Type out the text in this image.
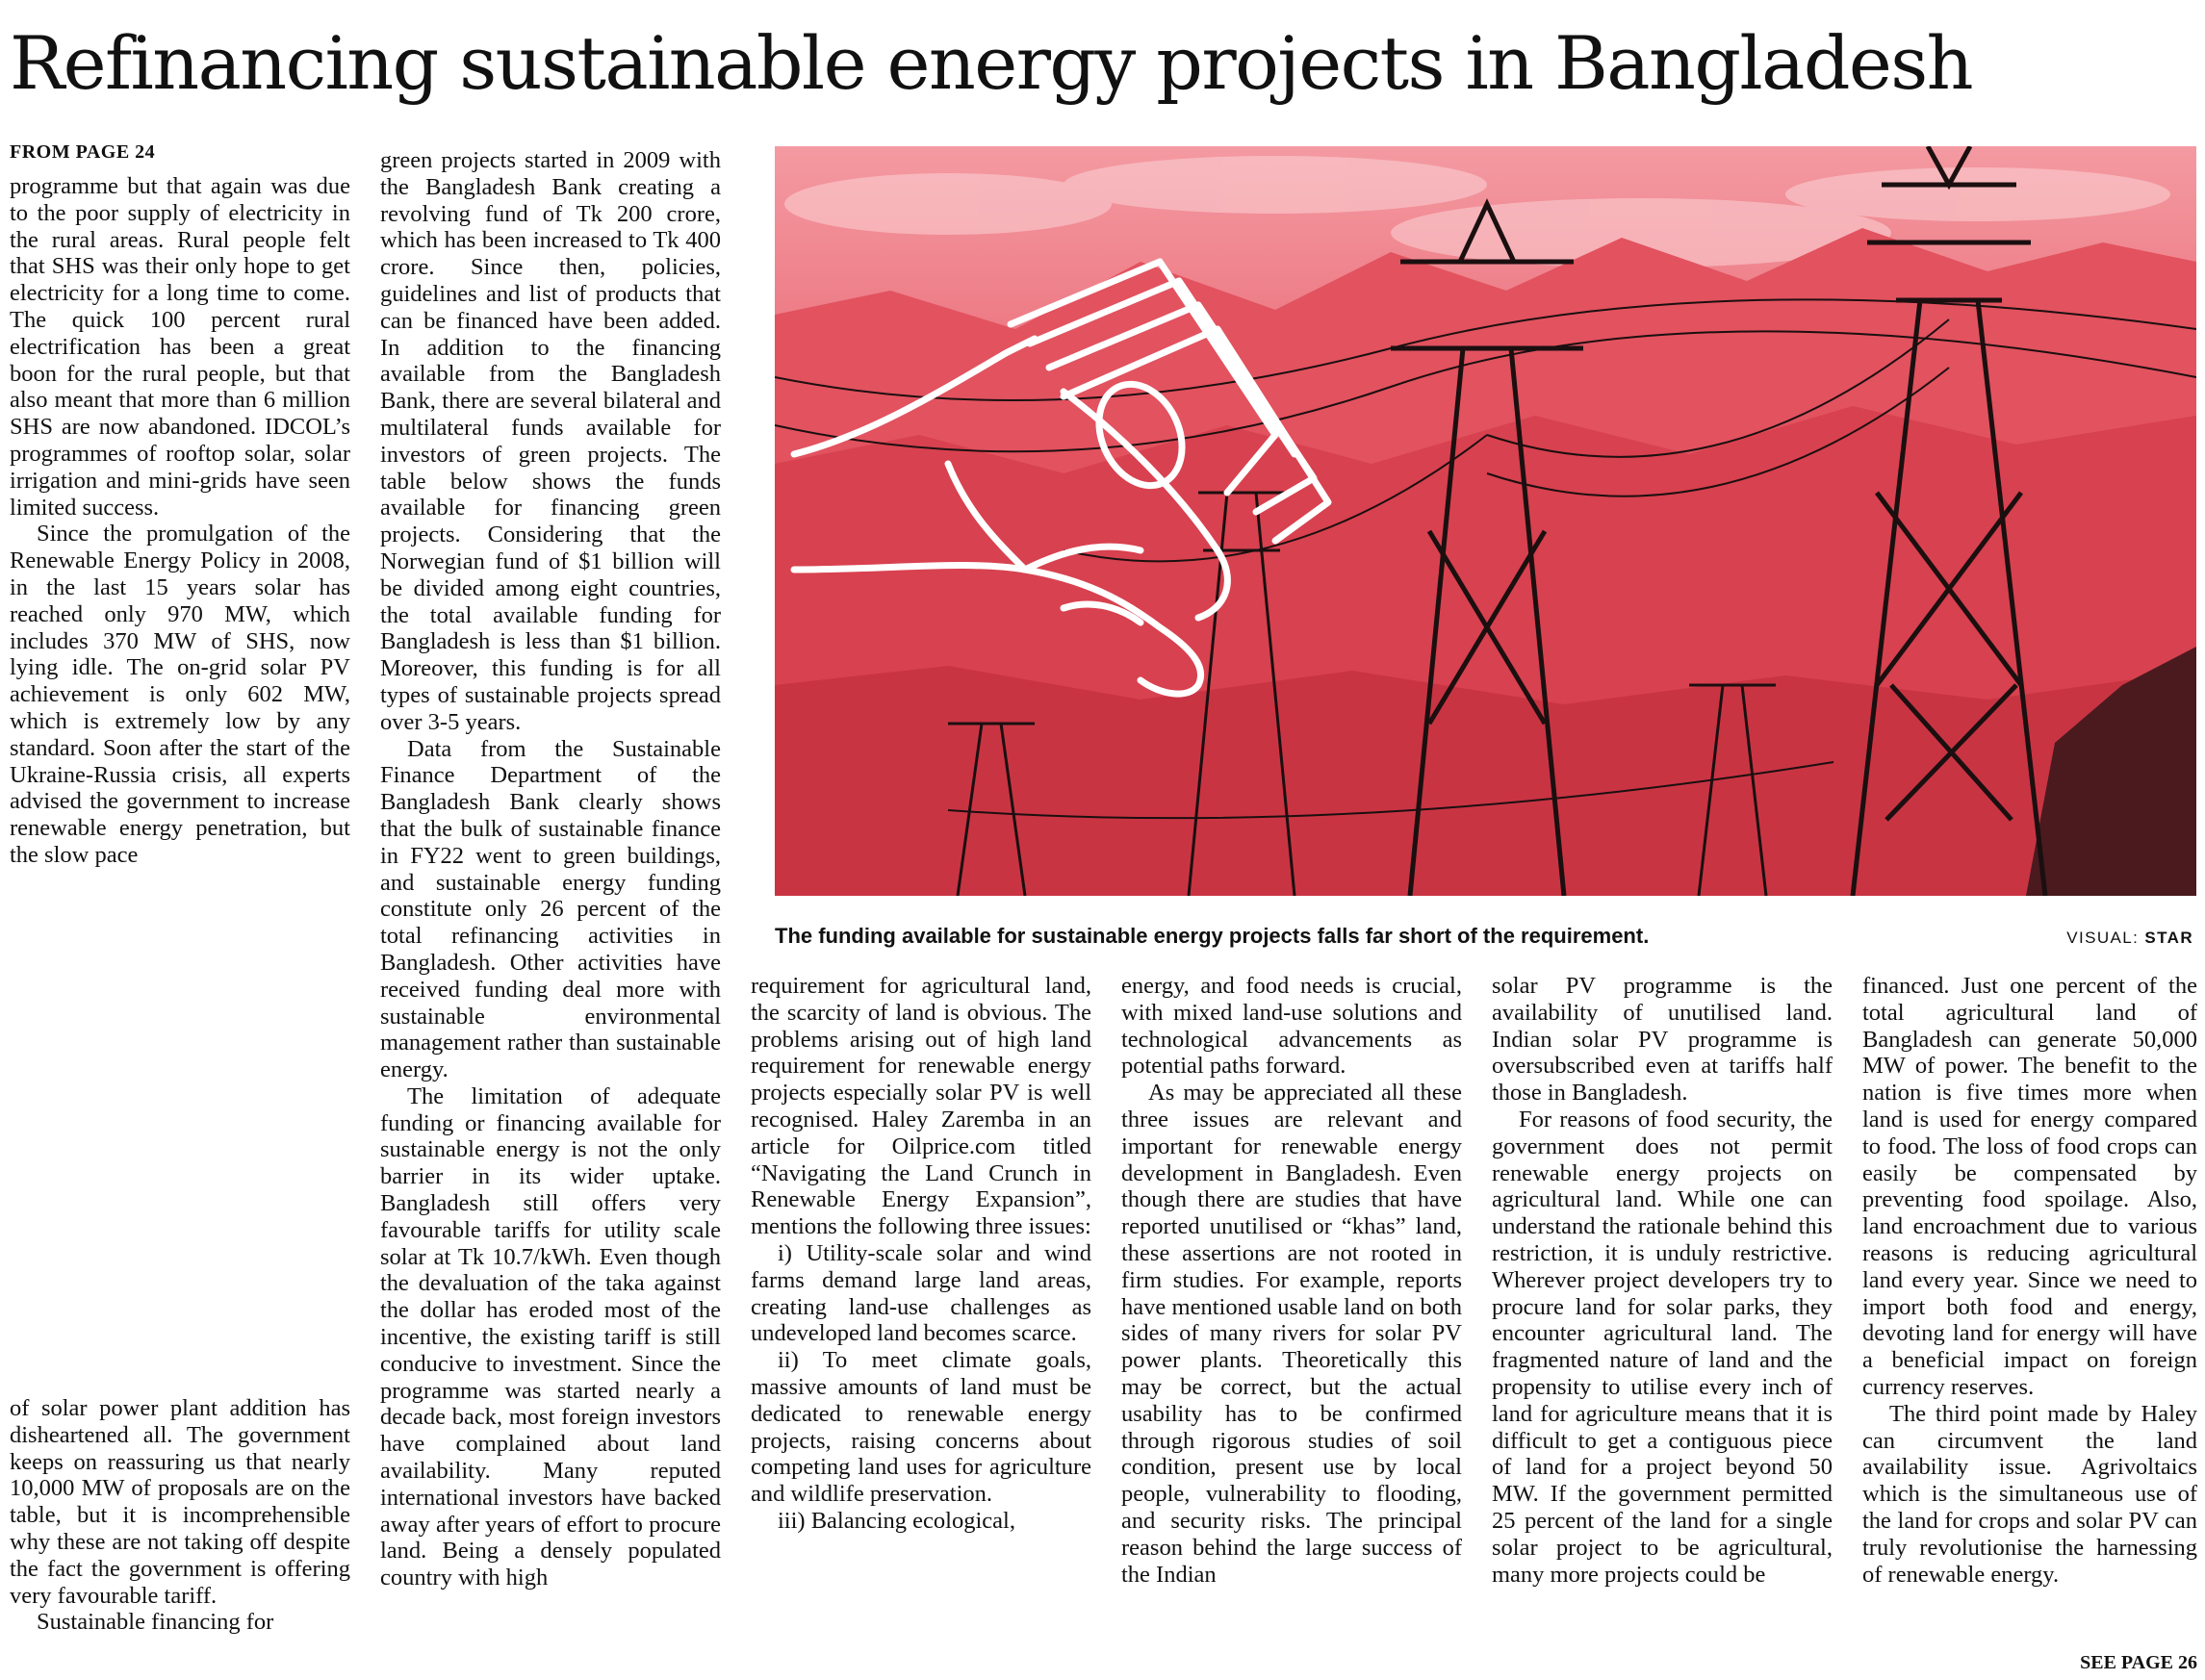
Refinancing sustainable energy projects in Bangladesh
FROM PAGE 24

programme but that again was due to the poor supply of electricity in the rural areas. Rural people felt that SHS was their only hope to get electricity for a long time to come. The quick 100 percent rural electrification has been a great boon for the rural people, but that also meant that more than 6 million SHS are now abandoned. IDCOL’s programmes of rooftop solar, solar irrigation and mini-grids have seen limited success.

Since the promulgation of the Renewable Energy Policy in 2008, in the last 15 years solar has reached only 970 MW, which includes 370 MW of SHS, now lying idle. The on-grid solar PV achievement is only 602 MW, which is extremely low by any standard. Soon after the start of the Ukraine-Russia crisis, all experts advised the government to increase renewable energy penetration, but the slow pace

of solar power plant addition has disheartened all. The government keeps on reassuring us that nearly 10,000 MW of proposals are on the table, but it is incomprehensible why these are not taking off despite the fact the government is offering very favourable tariff.

Sustainable financing for

green projects started in 2009 with the Bangladesh Bank creating a revolving fund of Tk 200 crore, which has been increased to Tk 400 crore. Since then, policies, guidelines and list of products that can be financed have been added. In addition to the financing available from the Bangladesh Bank, there are several bilateral and multilateral funds available for investors of green projects. The table below shows the funds available for financing green projects. Considering that the Norwegian fund of $1 billion will be divided among eight countries, the total available funding for Bangladesh is less than $1 billion. Moreover, this funding is for all types of sustainable projects spread over 3-5 years.

Data from the Sustainable Finance Department of the Bangladesh Bank clearly shows that the bulk of sustainable finance in FY22 went to green buildings, and sustainable energy funding constitute only 26 percent of the total refinancing activities in Bangladesh. Other activities have received funding deal more with sustainable environmental management rather than sustainable energy.

The limitation of adequate funding or financing available for sustainable energy is not the only barrier in its wider uptake. Bangladesh still offers very favourable tariffs for utility scale solar at Tk 10.7/kWh. Even though the devaluation of the taka against the dollar has eroded most of the incentive, the existing tariff is still conducive to investment. Since the programme was started nearly a decade back, most foreign investors have complained about land availability. Many reputed international investors have backed away after years of effort to procure land. Being a densely populated country with high

The funding available for sustainable energy projects falls far short of the requirement.	VISUAL: STAR

requirement for agricultural land, the scarcity of land is obvious. The problems arising out of high land requirement for renewable energy projects especially solar PV is well recognised. Haley Zaremba in an article for Oilprice.com titled “Navigating the Land Crunch in Renewable Energy Expansion”, mentions the following three issues:

i) Utility-scale solar and wind farms demand large land areas, creating land-use challenges as undeveloped land becomes scarce.

ii) To meet climate goals, massive amounts of land must be dedicated to renewable energy projects, raising concerns about competing land uses for agriculture and wildlife preservation.

iii) Balancing ecological,

energy, and food needs is crucial, with mixed land-use solutions and technological advancements as potential paths forward.

As may be appreciated all these three issues are relevant and important for renewable energy development in Bangladesh. Even though there are studies that have reported unutilised or “khas” land, these assertions are not rooted in firm studies. For example, reports have mentioned usable land on both sides of many rivers for solar PV power plants. Theoretically this may be correct, but the actual usability has to be confirmed through rigorous studies of soil condition, present use by local people, vulnerability to flooding, and security risks. The principal reason behind the large success of the Indian

solar PV programme is the availability of unutilised land. Indian solar PV programme is oversubscribed even at tariffs half those in Bangladesh.

For reasons of food security, the government does not permit renewable energy projects on agricultural land. While one can understand the rationale behind this restriction, it is unduly restrictive. Wherever project developers try to procure land for solar parks, they encounter agricultural land. The fragmented nature of land and the propensity to utilise every inch of land for agriculture means that it is difficult to get a contiguous piece of land for a project beyond 50 MW. If the government permitted 25 percent of the land for a single solar project to be agricultural, many more projects could be

financed. Just one percent of the total agricultural land of Bangladesh can generate 50,000 MW of power. The benefit to the nation is five times more when land is used for energy compared to food. The loss of food crops can easily be compensated by preventing food spoilage. Also, land encroachment due to various reasons is reducing agricultural land every year. Since we need to import both food and energy, devoting land for energy will have a beneficial impact on foreign currency reserves.

The third point made by Haley can circumvent the land availability issue. Agrivoltaics which is the simultaneous use of the land for crops and solar PV can truly revolutionise the harnessing of renewable energy.

SEE PAGE 26
